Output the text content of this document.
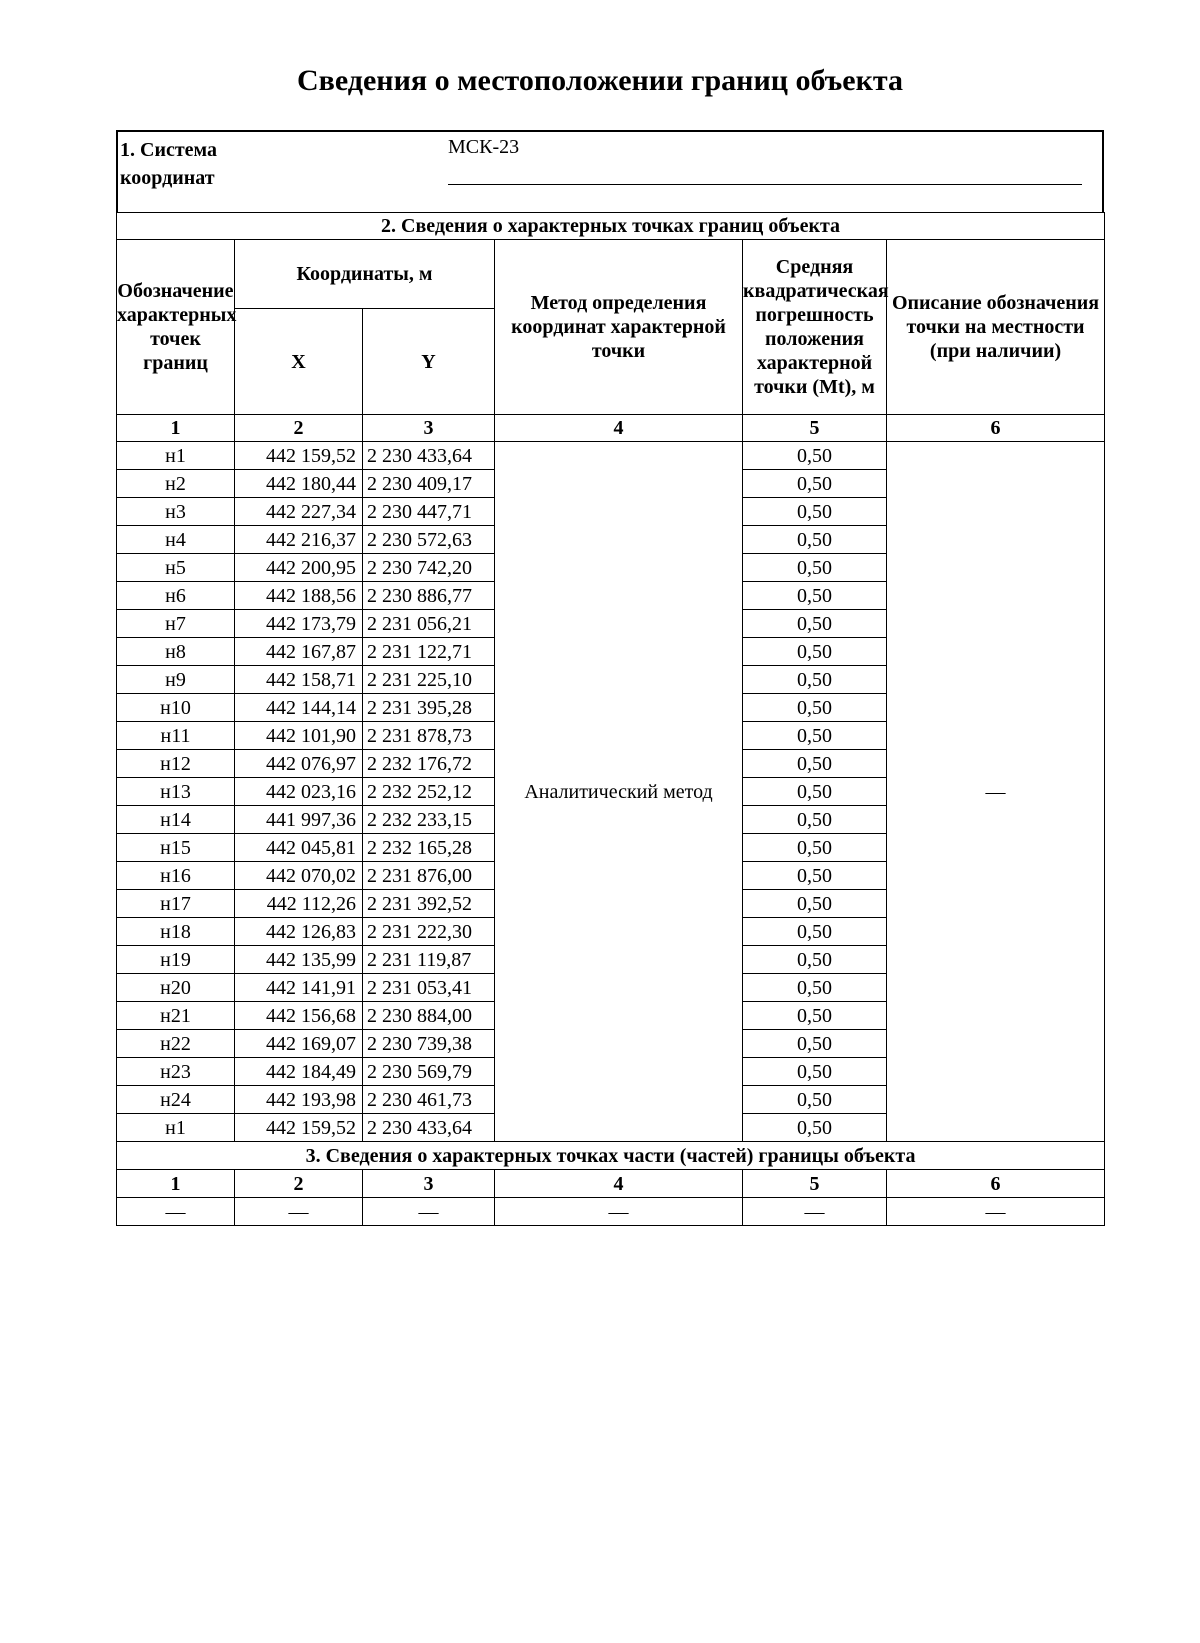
Сведения о местоположении границ объекта
1. Система координат
МСК-23
2. Сведения о характерных точках границ объекта					
Обозначение характерных точек границ	Координаты, м		Метод определения координат характерной точки	Средняя квадратическая погрешность положения характерной точки (Mt), м	Описание обозначения точки на местности (при наличии)
	X	Y			
1	2	3	4	5	6
н1	442 159,52	2 230 433,64	Аналитический метод	0,50	—
н2	442 180,44	2 230 409,17		0,50	
н3	442 227,34	2 230 447,71		0,50	
н4	442 216,37	2 230 572,63		0,50	
н5	442 200,95	2 230 742,20		0,50	
н6	442 188,56	2 230 886,77		0,50	
н7	442 173,79	2 231 056,21		0,50	
н8	442 167,87	2 231 122,71		0,50	
н9	442 158,71	2 231 225,10		0,50	
н10	442 144,14	2 231 395,28		0,50	
н11	442 101,90	2 231 878,73		0,50	
н12	442 076,97	2 232 176,72		0,50	
н13	442 023,16	2 232 252,12		0,50	
н14	441 997,36	2 232 233,15		0,50	
н15	442 045,81	2 232 165,28		0,50	
н16	442 070,02	2 231 876,00		0,50	
н17	442 112,26	2 231 392,52		0,50	
н18	442 126,83	2 231 222,30		0,50	
н19	442 135,99	2 231 119,87		0,50	
н20	442 141,91	2 231 053,41		0,50	
н21	442 156,68	2 230 884,00		0,50	
н22	442 169,07	2 230 739,38		0,50	
н23	442 184,49	2 230 569,79		0,50	
н24	442 193,98	2 230 461,73		0,50	
н1	442 159,52	2 230 433,64		0,50	
3. Сведения о характерных точках части (частей) границы объекта					
1	2	3	4	5	6
—	—	—	—	—	—
